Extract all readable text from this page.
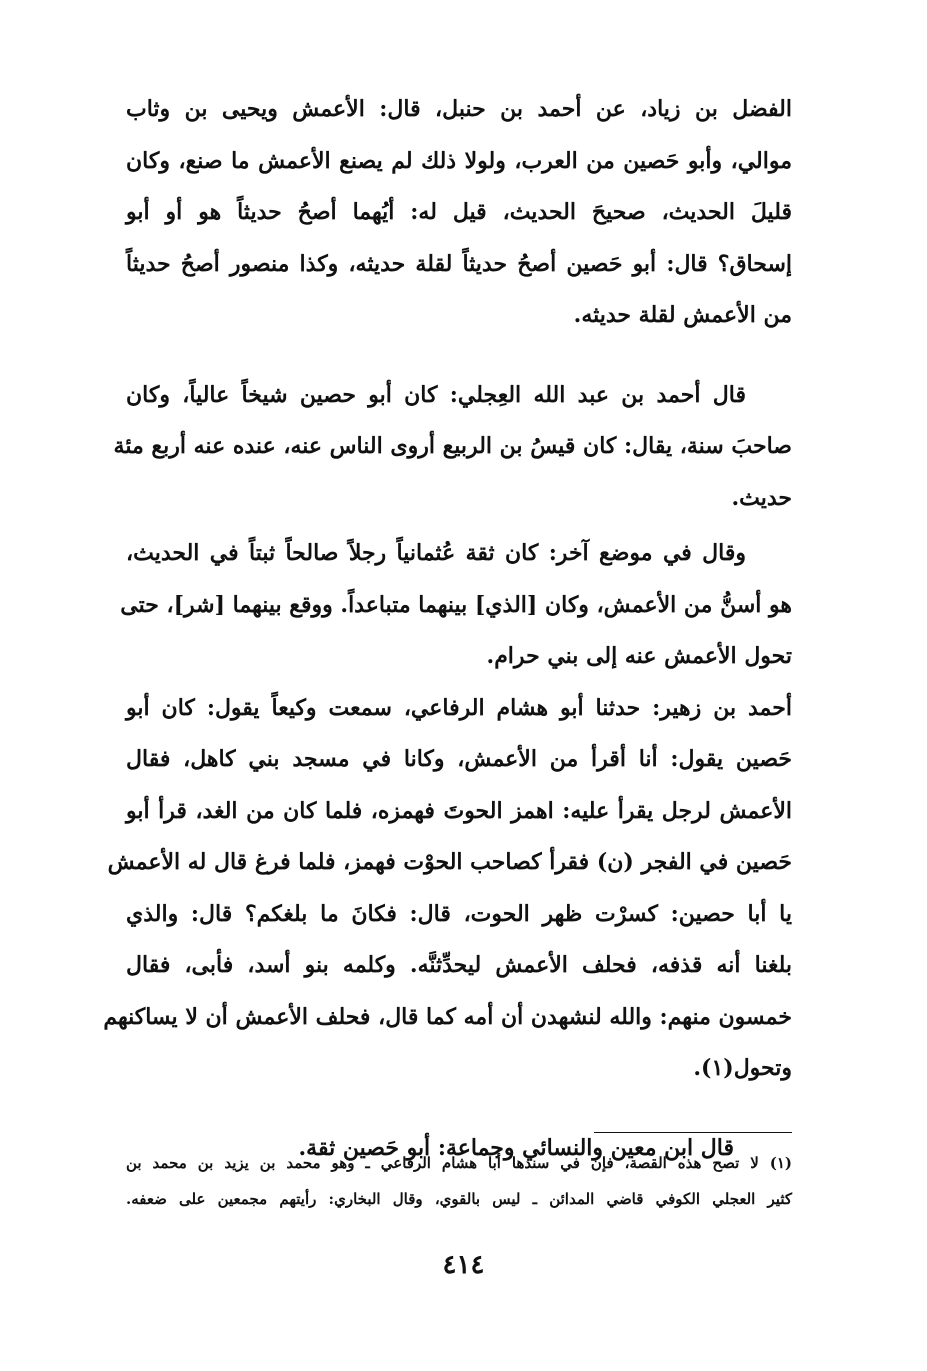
الفضل بن زياد، عن أحمد بن حنبل، قال: الأعمش ويحيى بن وثاب
موالي، وأبو حَصين من العرب، ولولا ذلك لم يصنع الأعمش ما صنع، وكان
قليلَ الحديث، صحيحَ الحديث، قيل له: أيُهما أصحُ حديثاً هو أو أبو
إسحاق؟ قال: أبو حَصين أصحُ حديثاً لقلة حديثه، وكذا منصور أصحُ حديثاً
من الأعمش لقلة حديثه.
قال أحمد بن عبد الله العِجلي: كان أبو حصين شيخاً عالياً، وكان
صاحبَ سنة، يقال: كان قيسُ بن الربيع أروى الناس عنه، عنده عنه أربع مئة
حديث.
وقال في موضع آخر: كان ثقة عُثمانياً رجلاً صالحاً ثبتاً في الحديث،
هو أسنُّ من الأعمش، وكان [الذي] بينهما متباعداً. ووقع بينهما [شر]، حتى
تحول الأعمش عنه إلى بني حرام.
أحمد بن زهير: حدثنا أبو هشام الرفاعي، سمعت وكيعاً يقول: كان أبو
حَصين يقول: أنا أقرأ من الأعمش، وكانا في مسجد بني كاهل، فقال
الأعمش لرجل يقرأ عليه: اهمز الحوتَ فهمزه، فلما كان من الغد، قرأ أبو
حَصين في الفجر (ن) فقرأ كصاحب الحوْت فهمز، فلما فرغ قال له الأعمش
يا أبا حصين: كسرْت ظهر الحوت، قال: فكانَ ما بلغكم؟ قال: والذي
بلغنا أنه قذفه، فحلف الأعمش ليحدِّثنَّه. وكلمه بنو أسد، فأبى، فقال
خمسون منهم: والله لنشهدن أن أمه كما قال، فحلف الأعمش أن لا يساكنهم
وتحول(١).
قال ابن معين والنسائي وجماعة: أبو حَصين ثقة.
(١) لا تصح هذه القصة، فإن في سندها أبا هشام الرفاعي ـ وهو محمد بن يزيد بن محمد بن
كثير العجلي الكوفي قاضي المدائن ـ ليس بالقوي، وقال البخاري: رأيتهم مجمعين على ضعفه.
٤١٤
